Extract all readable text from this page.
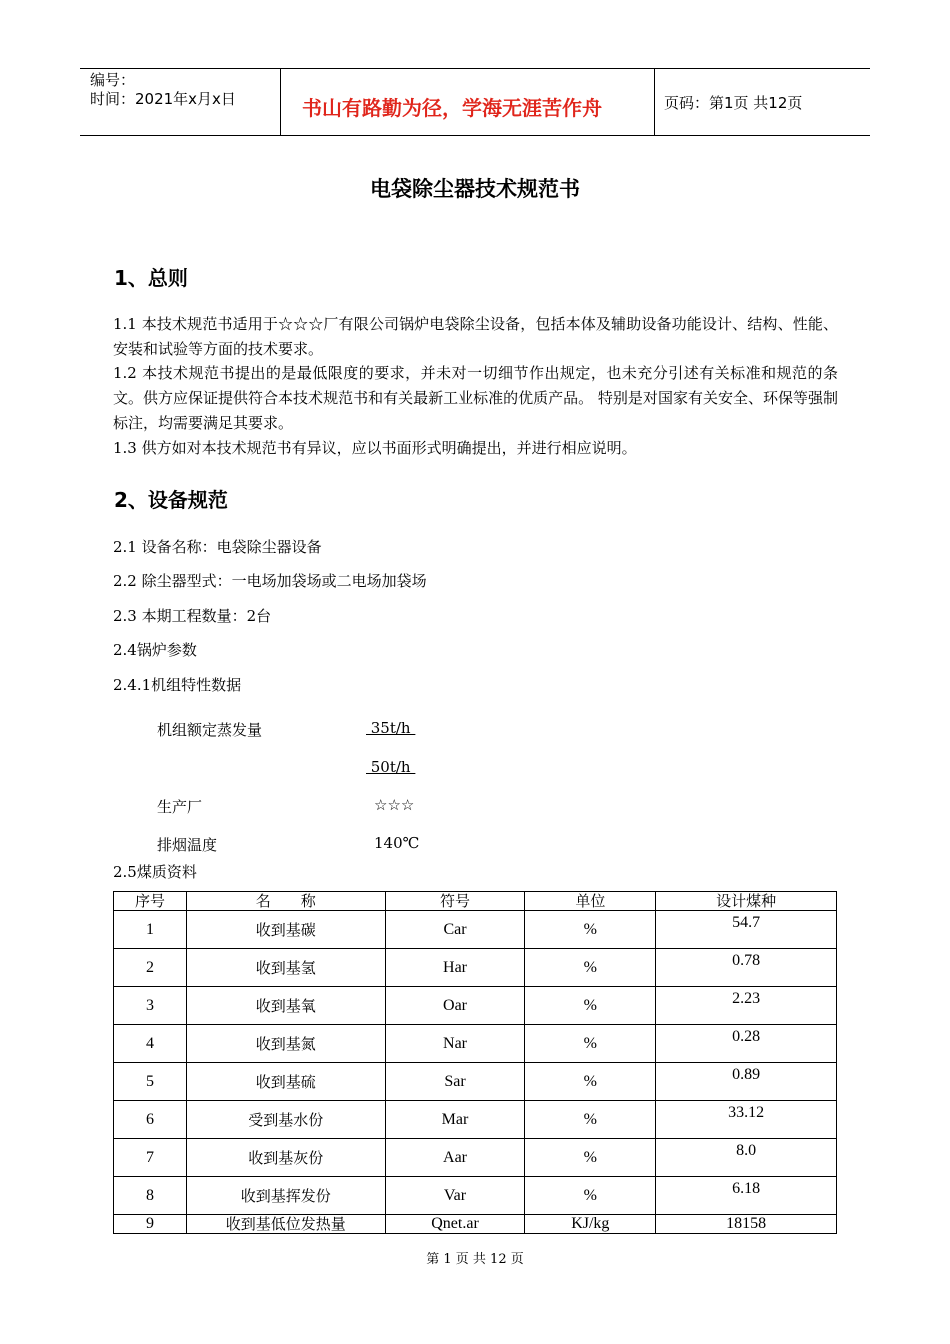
编号：
时间：2021年x月x日	书山有路勤为径，学海无涯苦作舟	页码：第1页 共12页
电袋除尘器技术规范书
1、总则
1.1 本技术规范书适用于☆☆☆厂有限公司锅炉电袋除尘设备，包括本体及辅助设备功能设计、结构、性能、安装和试验等方面的技术要求。
1.2 本技术规范书提出的是最低限度的要求，并未对一切细节作出规定，也未充分引述有关标准和规范的条文。供方应保证提供符合本技术规范书和有关最新工业标准的优质产品。 特别是对国家有关安全、环保等强制标注，均需要满足其要求。
1.3 供方如对本技术规范书有异议，应以书面形式明确提出，并进行相应说明。
2、设备规范
2.1 设备名称：电袋除尘器设备
2.2 除尘器型式：一电场加袋场或二电场加袋场
2.3 本期工程数量：2台
2.4锅炉参数
2.4.1机组特性数据
机组额定蒸发量	35t/h
50t/h
生产厂	☆☆☆
排烟温度	140℃
2.5煤质资料
序号	名　　称	符号	单位	设计煤种
1	收到基碳	Car	%	54.7
2	收到基氢	Har	%	0.78
3	收到基氧	Oar	%	2.23
4	收到基氮	Nar	%	0.28
5	收到基硫	Sar	%	0.89
6	受到基水份	Mar	%	33.12
7	收到基灰份	Aar	%	8.0
8	收到基挥发份	Var	%	6.18
9	收到基低位发热量	Qnet.ar	KJ/kg	18158
第 1 页 共 12 页
